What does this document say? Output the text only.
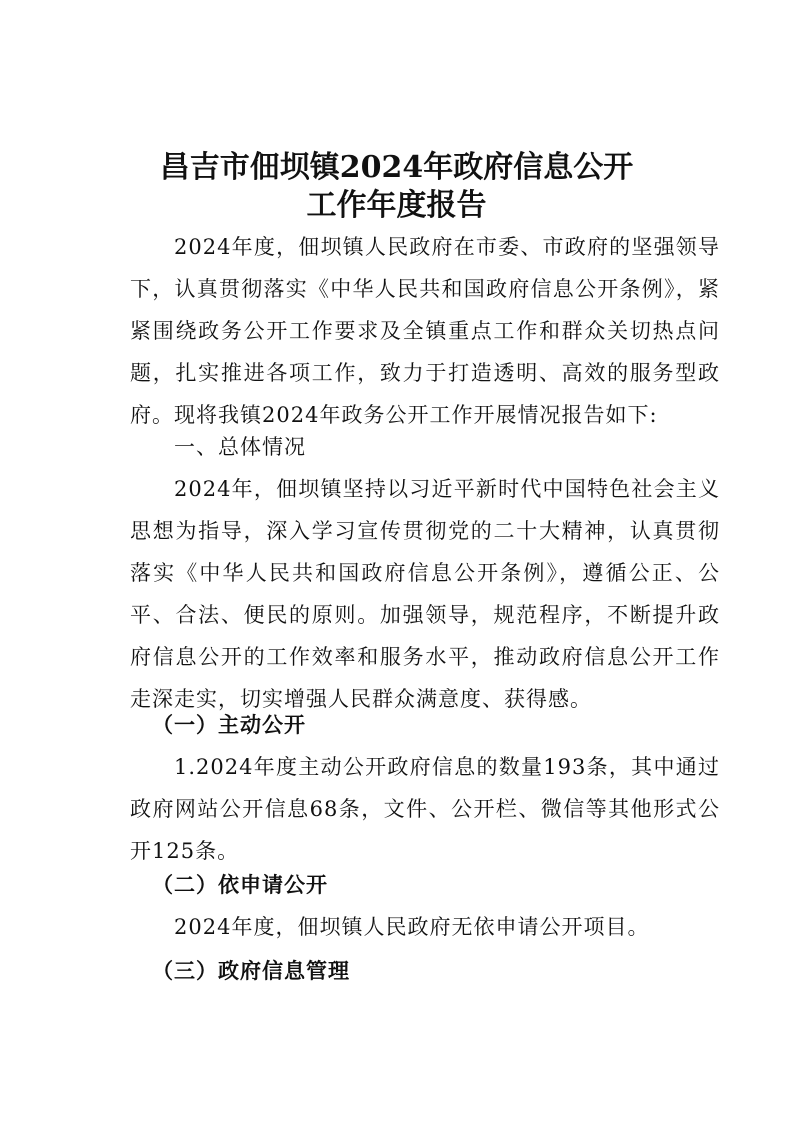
昌吉市佃坝镇2024年政府信息公开
工作年度报告
2024年度，佃坝镇人民政府在市委、市政府的坚强领导下，认真贯彻落实《中华人民共和国政府信息公开条例》，紧紧围绕政务公开工作要求及全镇重点工作和群众关切热点问题，扎实推进各项工作，致力于打造透明、高效的服务型政府。现将我镇2024年政务公开工作开展情况报告如下:
一、总体情况
2024年，佃坝镇坚持以习近平新时代中国特色社会主义思想为指导，深入学习宣传贯彻党的二十大精神，认真贯彻落实《中华人民共和国政府信息公开条例》，遵循公正、公平、合法、便民的原则。加强领导，规范程序，不断提升政府信息公开的工作效率和服务水平，推动政府信息公开工作走深走实，切实增强人民群众满意度、获得感。
（一）主动公开
1.2024年度主动公开政府信息的数量193条，其中通过政府网站公开信息68条，文件、公开栏、微信等其他形式公开125条。
（二）依申请公开
2024年度，佃坝镇人民政府无依申请公开项目。
（三）政府信息管理
